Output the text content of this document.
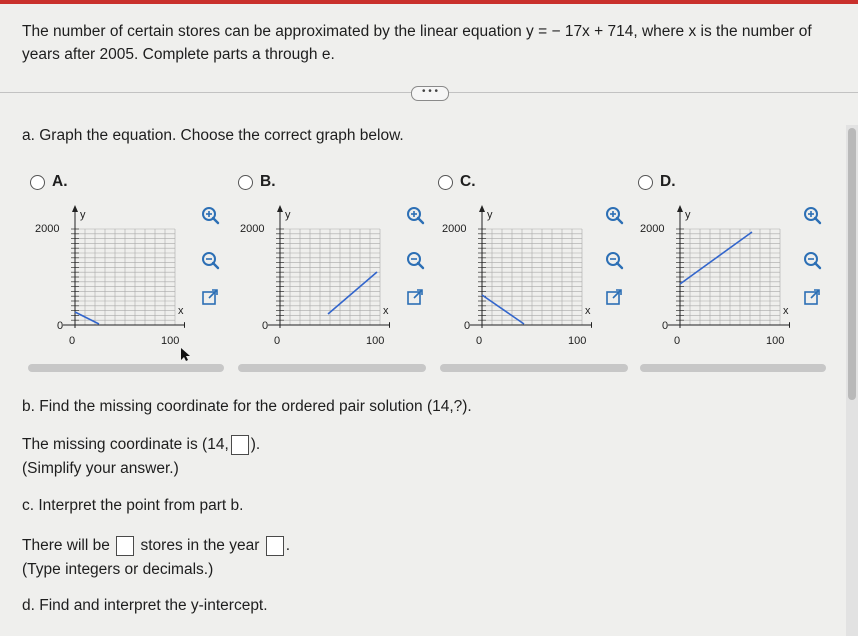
The number of certain stores can be approximated by the linear equation y = − 17x + 714, where x is the number of
years after 2005. Complete parts a through e.
• • •
a. Graph the equation. Choose the correct graph below.
A.	B.	C.	D.
y
2000
0
x
0	100
y
2000
0
x
0	100
y
2000
0
x
0	100
y
2000
0
x
0	100
b. Find the missing coordinate for the ordered pair solution (14,?).
The missing coordinate is (14, ).
(Simplify your answer.)
c. Interpret the point from part b.
There will be stores in the year .
(Type integers or decimals.)
d. Find and interpret the y-intercept.
